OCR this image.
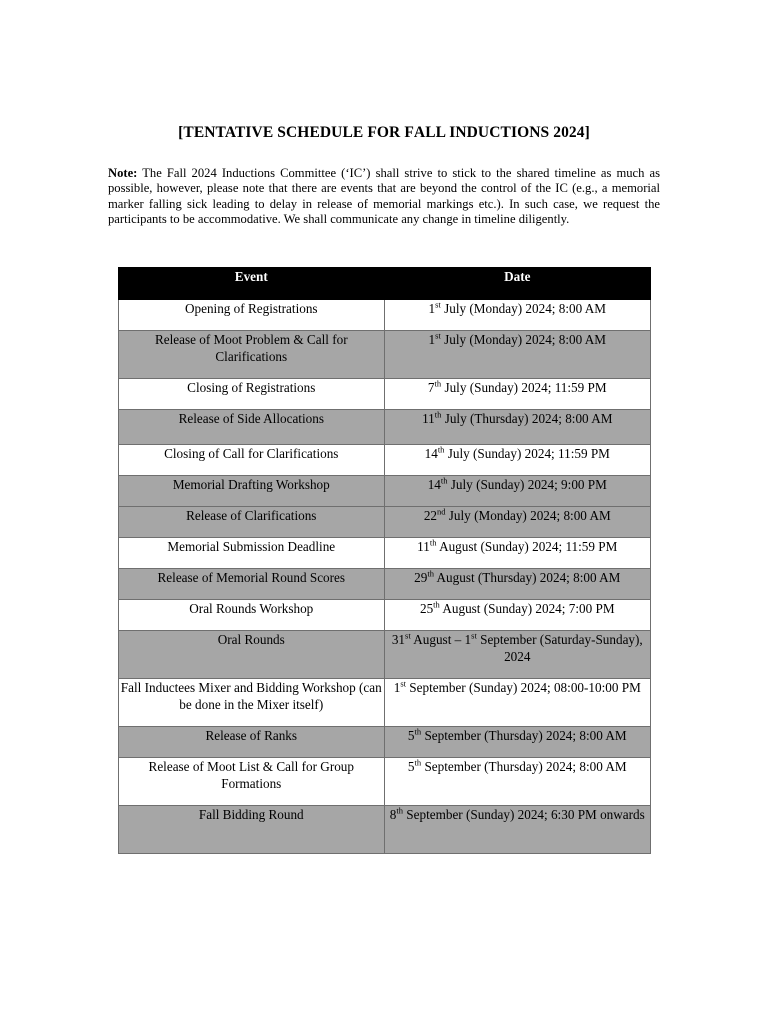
[TENTATIVE SCHEDULE FOR FALL INDUCTIONS 2024]
Note: The Fall 2024 Inductions Committee (‘IC’) shall strive to stick to the shared timeline as much as possible, however, please note that there are events that are beyond the control of the IC (e.g., a memorial marker falling sick leading to delay in release of memorial markings etc.). In such case, we request the participants to be accommodative. We shall communicate any change in timeline diligently.
Event	Date
Opening of Registrations	1st July (Monday) 2024; 8:00 AM
Release of Moot Problem & Call for Clarifications	1st July (Monday) 2024; 8:00 AM
Closing of Registrations	7th July (Sunday) 2024; 11:59 PM
Release of Side Allocations	11th July (Thursday) 2024; 8:00 AM
Closing of Call for Clarifications	14th July (Sunday) 2024; 11:59 PM
Memorial Drafting Workshop	14th July (Sunday) 2024; 9:00 PM
Release of Clarifications	22nd July (Monday) 2024; 8:00 AM
Memorial Submission Deadline	11th August (Sunday) 2024; 11:59 PM
Release of Memorial Round Scores	29th August (Thursday) 2024; 8:00 AM
Oral Rounds Workshop	25th August (Sunday) 2024; 7:00 PM
Oral Rounds	31st August – 1st September (Saturday-Sunday), 2024
Fall Inductees Mixer and Bidding Workshop (can be done in the Mixer itself)	1st September (Sunday) 2024; 08:00-10:00 PM
Release of Ranks	5th September (Thursday) 2024; 8:00 AM
Release of Moot List & Call for Group Formations	5th September (Thursday) 2024; 8:00 AM
Fall Bidding Round	8th September (Sunday) 2024; 6:30 PM onwards
